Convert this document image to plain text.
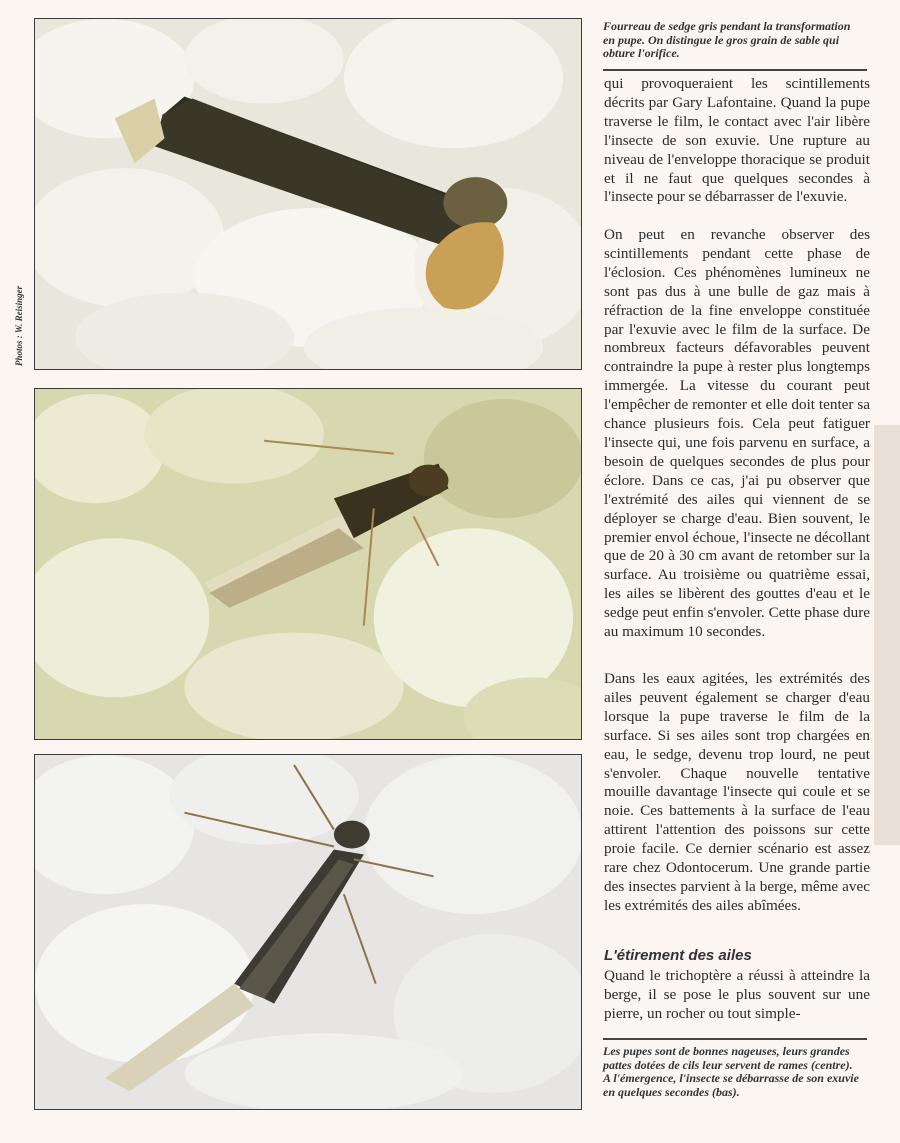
Photos : W. Reisinger

Fourreau de sedge gris pendant la transformation en pupe. On distingue le gros grain de sable qui obture l'orifice.

qui provoqueraient les scintillements décrits par Gary Lafontaine. Quand la pupe traverse le film, le contact avec l'air libère l'insecte de son exuvie. Une rupture au niveau de l'enveloppe thoracique se produit et il ne faut que quelques secondes à l'insecte pour se débarrasser de l'exuvie.

On peut en revanche observer des scintillements pendant cette phase de l'éclosion. Ces phénomènes lumineux ne sont pas dus à une bulle de gaz mais à réfraction de la fine enveloppe constituée par l'exuvie avec le film de la surface. De nombreux facteurs défavorables peuvent contraindre la pupe à rester plus longtemps immergée. La vitesse du courant peut l'empêcher de remonter et elle doit tenter sa chance plusieurs fois. Cela peut fatiguer l'insecte qui, une fois parvenu en surface, a besoin de quelques secondes de plus pour éclore. Dans ce cas, j'ai pu observer que l'extrémité des ailes qui viennent de se déployer se charge d'eau. Bien souvent, le premier envol échoue, l'insecte ne décollant que de 20 à 30 cm avant de retomber sur la surface. Au troisième ou quatrième essai, les ailes se libèrent des gouttes d'eau et le sedge peut enfin s'envoler. Cette phase dure au maximum 10 secondes.

Dans les eaux agitées, les extrémités des ailes peuvent également se charger d'eau lorsque la pupe traverse le film de la surface. Si ses ailes sont trop chargées en eau, le sedge, devenu trop lourd, ne peut s'envoler. Chaque nouvelle tentative mouille davantage l'insecte qui coule et se noie. Ces battements à la surface de l'eau attirent l'attention des poissons sur cette proie facile. Ce dernier scénario est assez rare chez Odontocerum. Une grande partie des insectes parvient à la berge, même avec les extrémités des ailes abîmées.

L'étirement des ailes

Quand le trichoptère a réussi à atteindre la berge, il se pose le plus souvent sur une pierre, un rocher ou tout simple-

Les pupes sont de bonnes nageuses, leurs grandes pattes dotées de cils leur servent de rames (centre).
A l'émergence, l'insecte se débarrasse de son exuvie en quelques secondes (bas).
